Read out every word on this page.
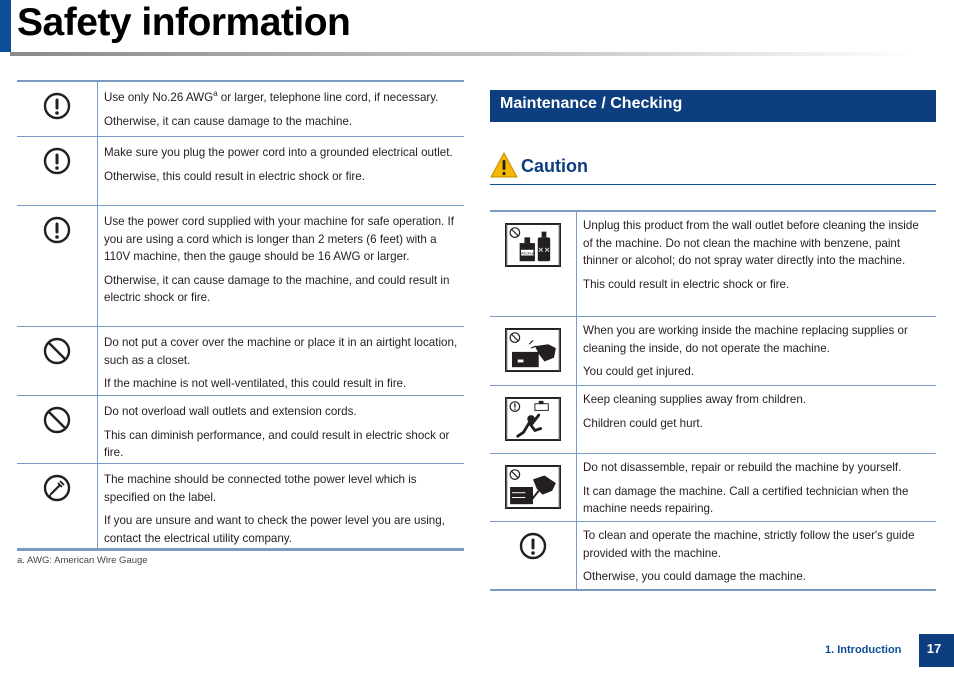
Safety information

Use only No.26 AWG$^a$ or larger, telephone line cord, if necessary.

Otherwise, it can cause damage to the machine.

Make sure you plug the power cord into a grounded electrical outlet.

Otherwise, this could result in electric shock or fire.

Use the power cord supplied with your machine for safe operation. If you are using a cord which is longer than 2 meters (6 feet) with a 110V machine, then the gauge should be 16 AWG or larger.

Otherwise, it can cause damage to the machine, and could result in electric shock or fire.

Do not put a cover over the machine or place it in an airtight location, such as a closet.

If the machine is not well-ventilated, this could result in fire.

Do not overload wall outlets and extension cords.

This can diminish performance, and could result in electric shock or fire.

The machine should be connected tothe power level which is specified on the label.

If you are unsure and want to check the power level you are using, contact the electrical utility company.

a. AWG: American Wire Gauge
Maintenance / Checking
Caution
Alcohol ✕✕

Unplug this product from the wall outlet before cleaning the inside of the machine. Do not clean the machine with benzene, paint thinner or alcohol; do not spray water directly into the machine.

This could result in electric shock or fire.

When you are working inside the machine replacing supplies or cleaning the inside, do not operate the machine.

You could get injured.

Keep cleaning supplies away from children.

Children could get hurt.

Do not disassemble, repair or rebuild the machine by yourself.

It can damage the machine. Call a certified technician when the machine needs repairing.

To clean and operate the machine, strictly follow the user's guide provided with the machine.

Otherwise, you could damage the machine.

1. Introduction	17
